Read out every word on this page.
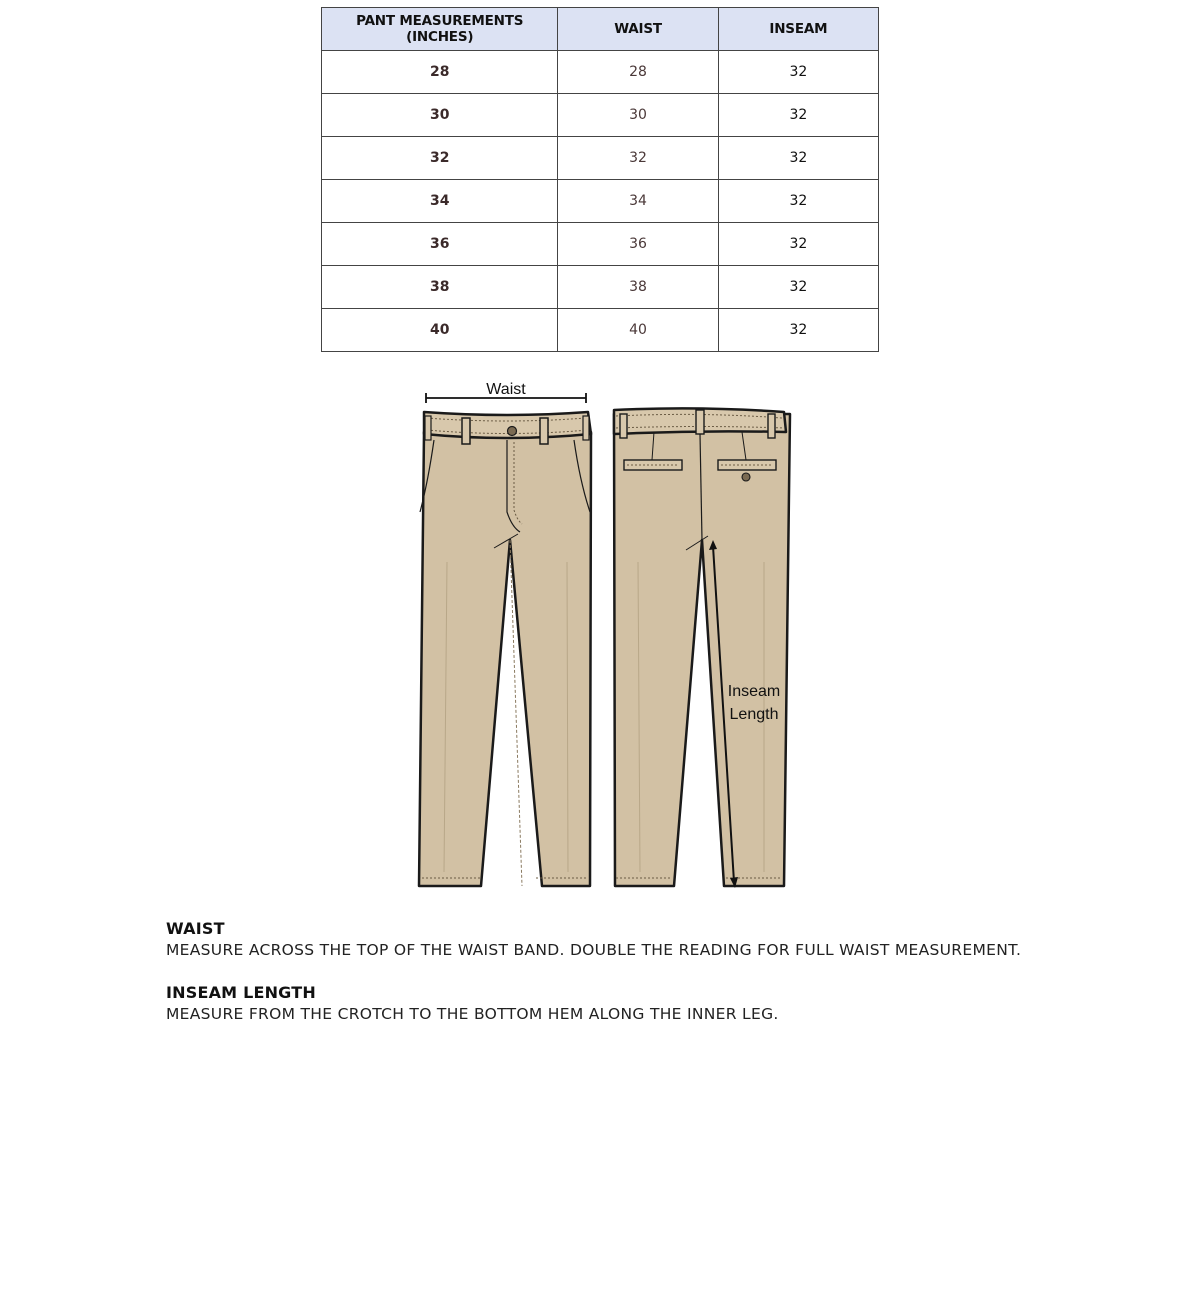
PANT MEASUREMENTS (INCHES)	WAIST	INSEAM
28	28	32
30	30	32
32	32	32
34	34	32
36	36	32
38	38	32
40	40	32
Waist
Inseam
Length
WAIST
MEASURE ACROSS THE TOP OF THE WAIST BAND. DOUBLE THE READING FOR FULL WAIST MEASUREMENT.
INSEAM LENGTH
MEASURE FROM THE CROTCH TO THE BOTTOM HEM ALONG THE INNER LEG.
